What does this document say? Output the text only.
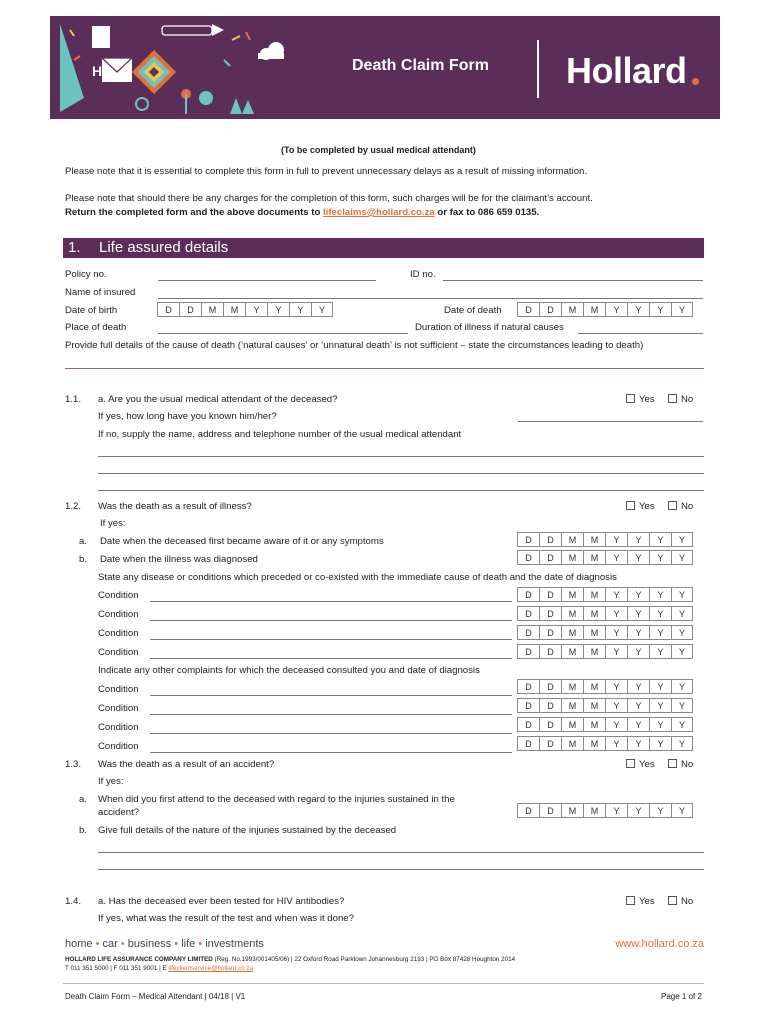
H.	Death Claim Form Hollard
(To be completed by usual medical attendant)
Please note that it is essential to complete this form in full to prevent unnecessary delays as a result of missing information.
Please note that should there be any charges for the completion of this form, such charges will be for the claimant’s account.
Return the completed form and the above documents to lifeclaims@hollard.co.za or fax to 086 659 0135.
1. Life assured details
Policy no.	ID no.
Name of insured
Date of birth	D	D	M	M	Y	Y	Y	Y	Date of death	D	D	M	M	Y	Y	Y	Y
Place of death	Duration of illness if natural causes
Provide full details of the cause of death (‘natural causes’ or ‘unnatural death’ is not sufficient – state the circumstances leading to death)
1.1. a. Are you the usual medical attendant of the deceased?	Yes	No
If yes, how long have you known him/her?
If no, supply the name, address and telephone number of the usual medical attendant
1.2. Was the death as a result of illness?	Yes	No
If yes:
a. Date when the deceased first became aware of it or any symptoms	D	D	M	M	Y	Y	Y	Y
b. Date when the illness was diagnosed	D	D	M	M	Y	Y	Y	Y
State any disease or conditions which preceded or co-existed with the immediate cause of death and the date of diagnosis
Condition	D	D	M	M	Y	Y	Y	Y
Condition	D	D	M	M	Y	Y	Y	Y
Condition	D	D	M	M	Y	Y	Y	Y
Condition	D	D	M	M	Y	Y	Y	Y
Indicate any other complaints for which the deceased consulted you and date of diagnosis
Condition	D	D	M	M	Y	Y	Y	Y
Condition	D	D	M	M	Y	Y	Y	Y
Condition	D	D	M	M	Y	Y	Y	Y
Condition	D	D	M	M	Y	Y	Y	Y
1.3. Was the death as a result of an accident?	Yes	No
If yes:
a. When did you first attend to the deceased with regard to the injuries sustained in the
accident?	D	D	M	M	Y	Y	Y	Y
b. Give full details of the nature of the injuries sustained by the deceased
1.4. a. Has the deceased ever been tested for HIV antibodies?	Yes	No
If yes, what was the result of the test and when was it done?
home • car • business • life • investments	www.hollard.co.za
HOLLARD LIFE ASSURANCE COMPANY LIMITED (Reg. No.1993/001405/06) | 22 Oxford Road Parktown Johannesburg 2193 | PO Box 87428 Houghton 2014
T 011 351 5000 | F 011 351 9001 | E lifeclientservice@hollard.co.za
Death Claim Form – Medical Attendant | 04/18 | V1	Page 1 of 2
